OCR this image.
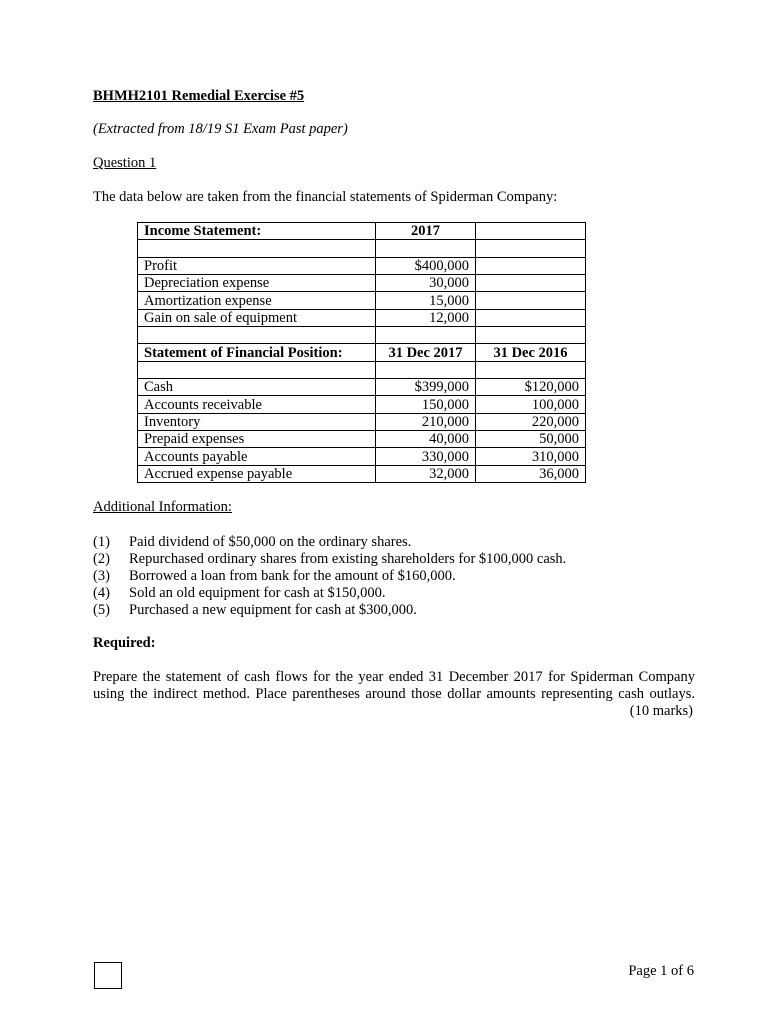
BHMH2101 Remedial Exercise #5
(Extracted from 18/19 S1 Exam Past paper)
Question 1
The data below are taken from the financial statements of Spiderman Company:
Income Statement:	2017	

Profit	$400,000	
Depreciation expense	30,000	
Amortization expense	15,000	
Gain on sale of equipment	12,000	

Statement of Financial Position:	31 Dec 2017	31 Dec 2016

Cash	$399,000	$120,000
Accounts receivable	150,000	100,000
Inventory	210,000	220,000
Prepaid expenses	40,000	50,000
Accounts payable	330,000	310,000
Accrued expense payable	32,000	36,000
Additional Information:
(1) Paid dividend of $50,000 on the ordinary shares.
(2) Repurchased ordinary shares from existing shareholders for $100,000 cash.
(3) Borrowed a loan from bank for the amount of $160,000.
(4) Sold an old equipment for cash at $150,000.
(5) Purchased a new equipment for cash at $300,000.
Required:
Prepare the statement of cash flows for the year ended 31 December 2017 for Spiderman Company
using the indirect method. Place parentheses around those dollar amounts representing cash outlays.
(10 marks)
Page 1 of 6
